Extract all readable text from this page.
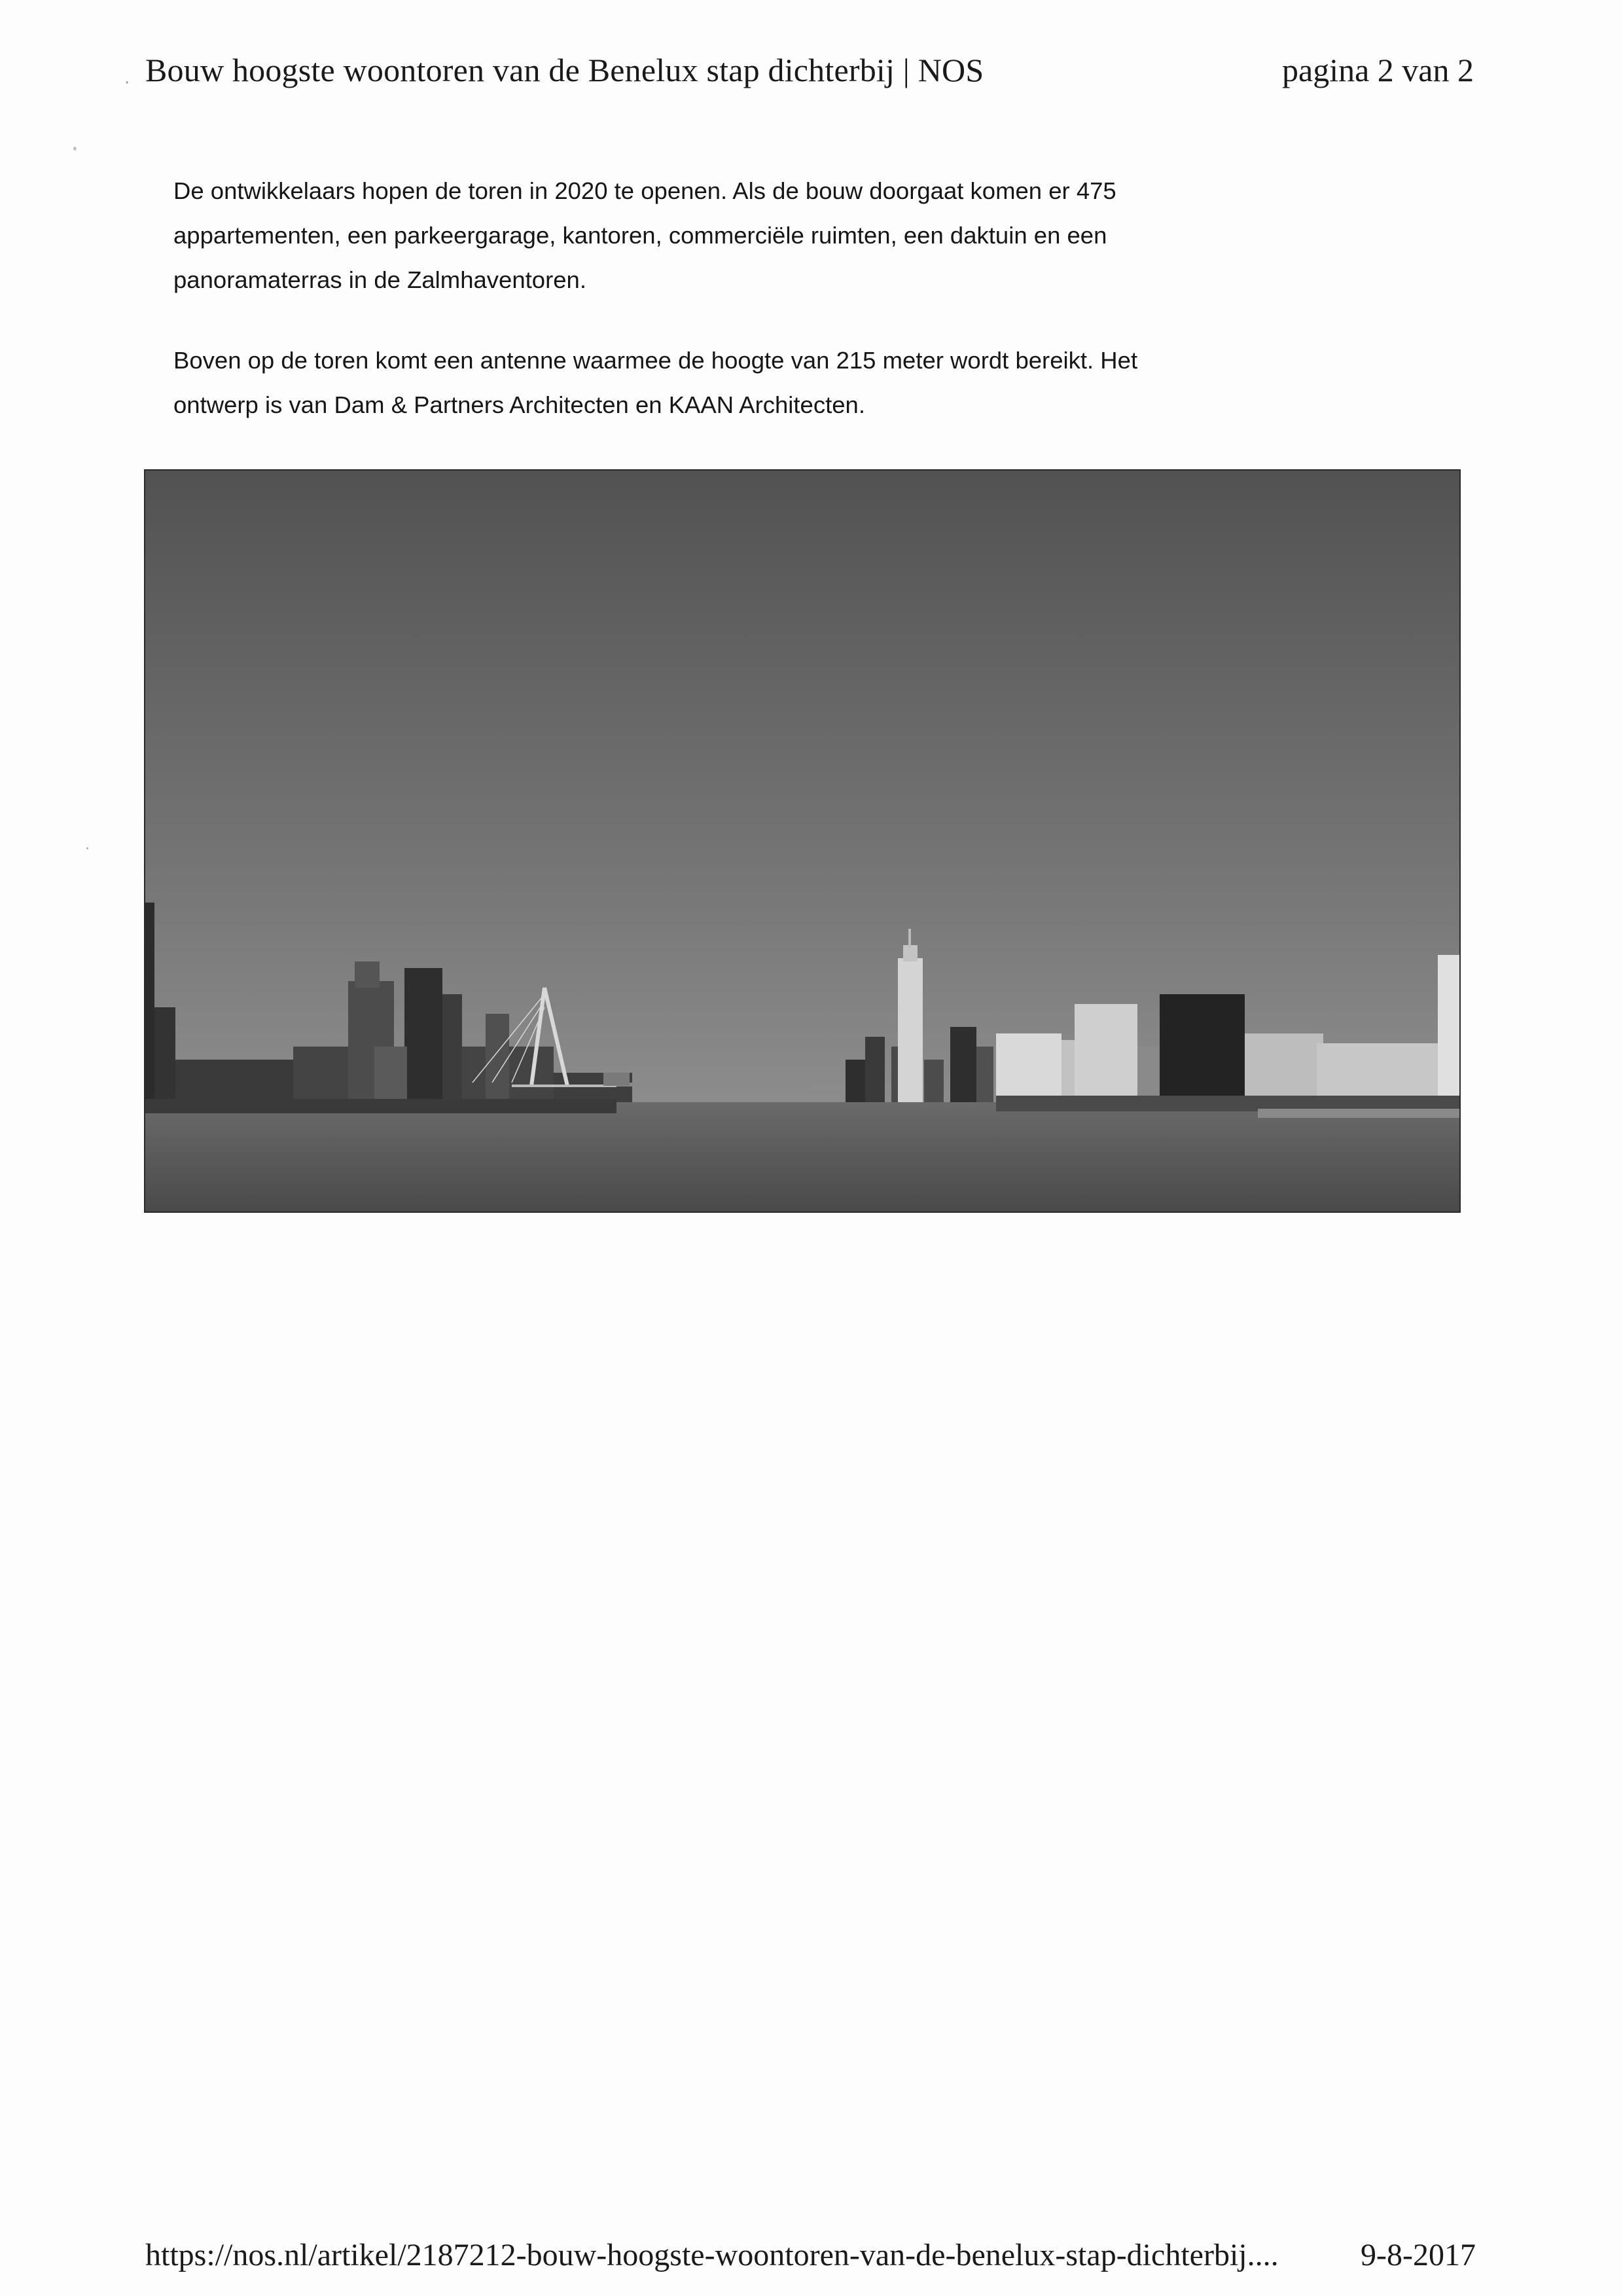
Bouw hoogste woontoren van de Benelux stap dichterbij | NOS	pagina 2 van 2
·
·
·
De ontwikkelaars hopen de toren in 2020 te openen. Als de bouw doorgaat komen er 475 appartementen, een parkeergarage, kantoren, commerciële ruimten, een daktuin en een panoramaterras in de Zalmhaventoren.
Boven op de toren komt een antenne waarmee de hoogte van 215 meter wordt bereikt. Het ontwerp is van Dam & Partners Architecten en KAAN Architecten.
https://nos.nl/artikel/2187212-bouw-hoogste-woontoren-van-de-benelux-stap-dichterbij....	9-8-2017
